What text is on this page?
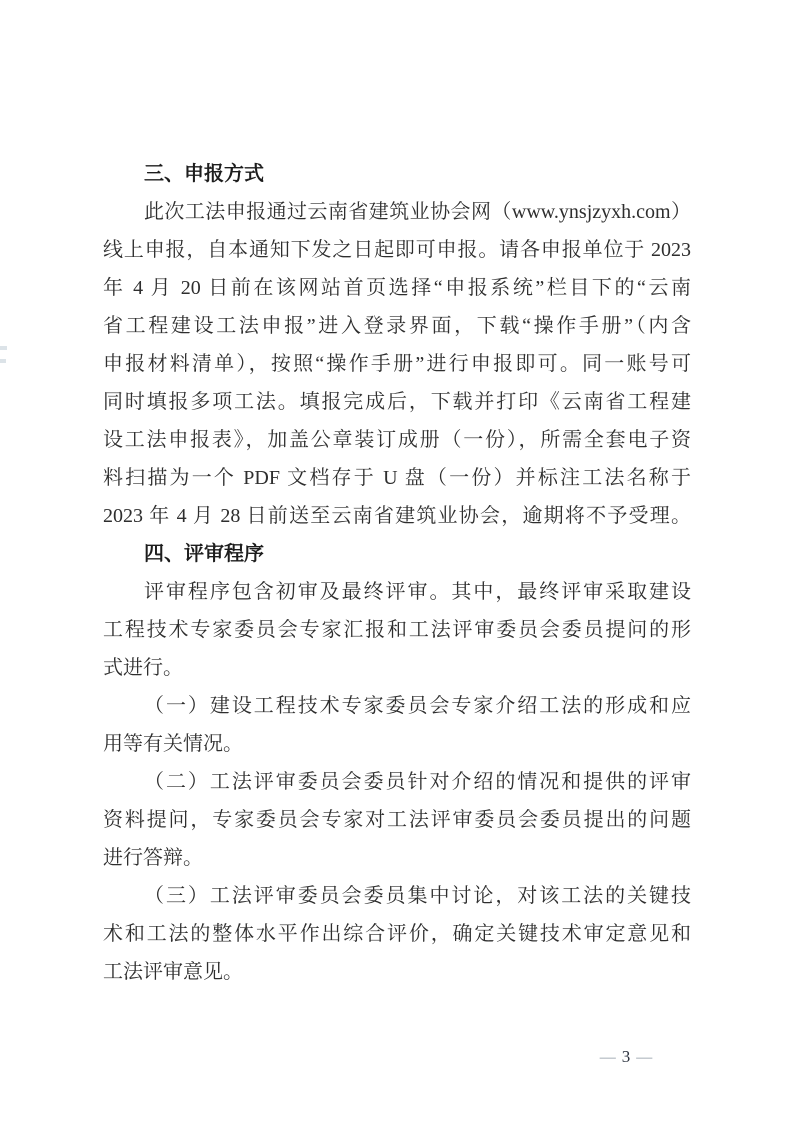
三、申报方式
此次工法申报通过云南省建筑业协会网（www.ynsjzyxh.com）
线上申报，自本通知下发之日起即可申报。请各申报单位于 2023
年 4 月 20 日前在该网站首页选择“申报系统”栏目下的“云南
省工程建设工法申报”进入登录界面，下载“操作手册”（内含
申报材料清单），按照“操作手册”进行申报即可。同一账号可
同时填报多项工法。填报完成后，下载并打印《云南省工程建
设工法申报表》，加盖公章装订成册（一份），所需全套电子资
料扫描为一个 PDF 文档存于 U 盘（一份）并标注工法名称于
2023 年 4 月 28 日前送至云南省建筑业协会，逾期将不予受理。
四、评审程序
评审程序包含初审及最终评审。其中，最终评审采取建设
工程技术专家委员会专家汇报和工法评审委员会委员提问的形
式进行。
（一）建设工程技术专家委员会专家介绍工法的形成和应
用等有关情况。
（二）工法评审委员会委员针对介绍的情况和提供的评审
资料提问，专家委员会专家对工法评审委员会委员提出的问题
进行答辩。
（三）工法评审委员会委员集中讨论，对该工法的关键技
术和工法的整体水平作出综合评价，确定关键技术审定意见和
工法评审意见。
— 3 —
